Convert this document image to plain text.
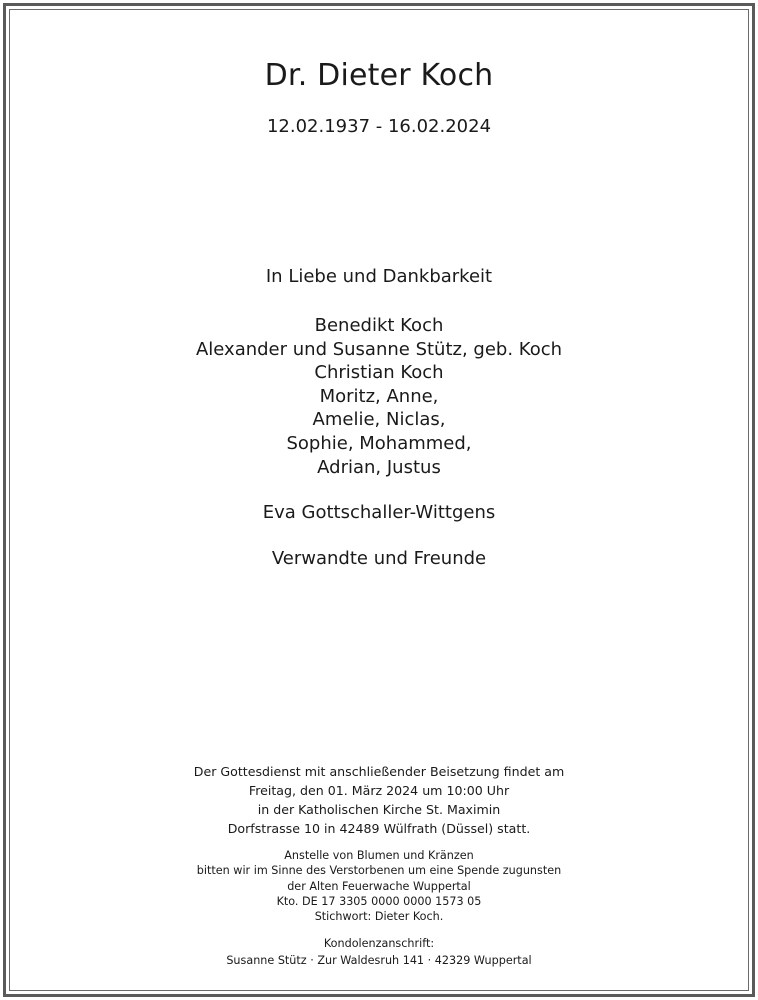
Dr. Dieter Koch
12.02.1937 - 16.02.2024
In Liebe und Dankbarkeit
Benedikt Koch
Alexander und Susanne Stütz, geb. Koch
Christian Koch
Moritz, Anne,
Amelie, Niclas,
Sophie, Mohammed,
Adrian, Justus
Eva Gottschaller-Wittgens
Verwandte und Freunde
Der Gottesdienst mit anschließender Beisetzung findet am
Freitag, den 01. März 2024 um 10:00 Uhr
in der Katholischen Kirche St. Maximin
Dorfstrasse 10 in 42489 Wülfrath (Düssel) statt.
Anstelle von Blumen und Kränzen
bitten wir im Sinne des Verstorbenen um eine Spende zugunsten
der Alten Feuerwache Wuppertal
Kto. DE 17 3305 0000 0000 1573 05
Stichwort: Dieter Koch.
Kondolenzanschrift:
Susanne Stütz · Zur Waldesruh 141 · 42329 Wuppertal
